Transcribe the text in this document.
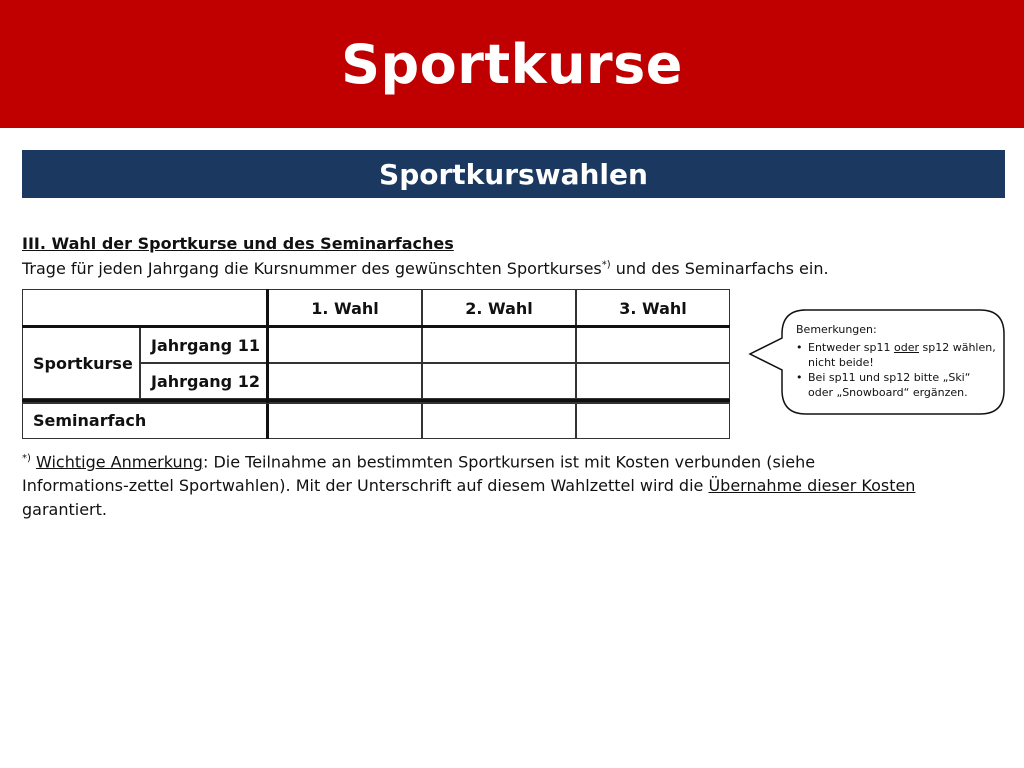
Sportkurse
Sportkurswahlen
III. Wahl der Sportkurse und des Seminarfaches
Trage für jeden Jahrgang die Kursnummer des gewünschten Sportkurses*) und des Seminarfachs ein.
1. Wahl	2. Wahl	3. Wahl
Sportkurse
Jahrgang 11
Jahrgang 12
Seminarfach
Bemerkungen:
• Entweder sp11 oder sp12 wählen, nicht beide!
• Bei sp11 und sp12 bitte „Ski“ oder „Snowboard“ ergänzen.
*) Wichtige Anmerkung: Die Teilnahme an bestimmten Sportkursen ist mit Kosten verbunden (siehe Informations-zettel Sportwahlen). Mit der Unterschrift auf diesem Wahlzettel wird die Übernahme dieser Kosten garantiert.
